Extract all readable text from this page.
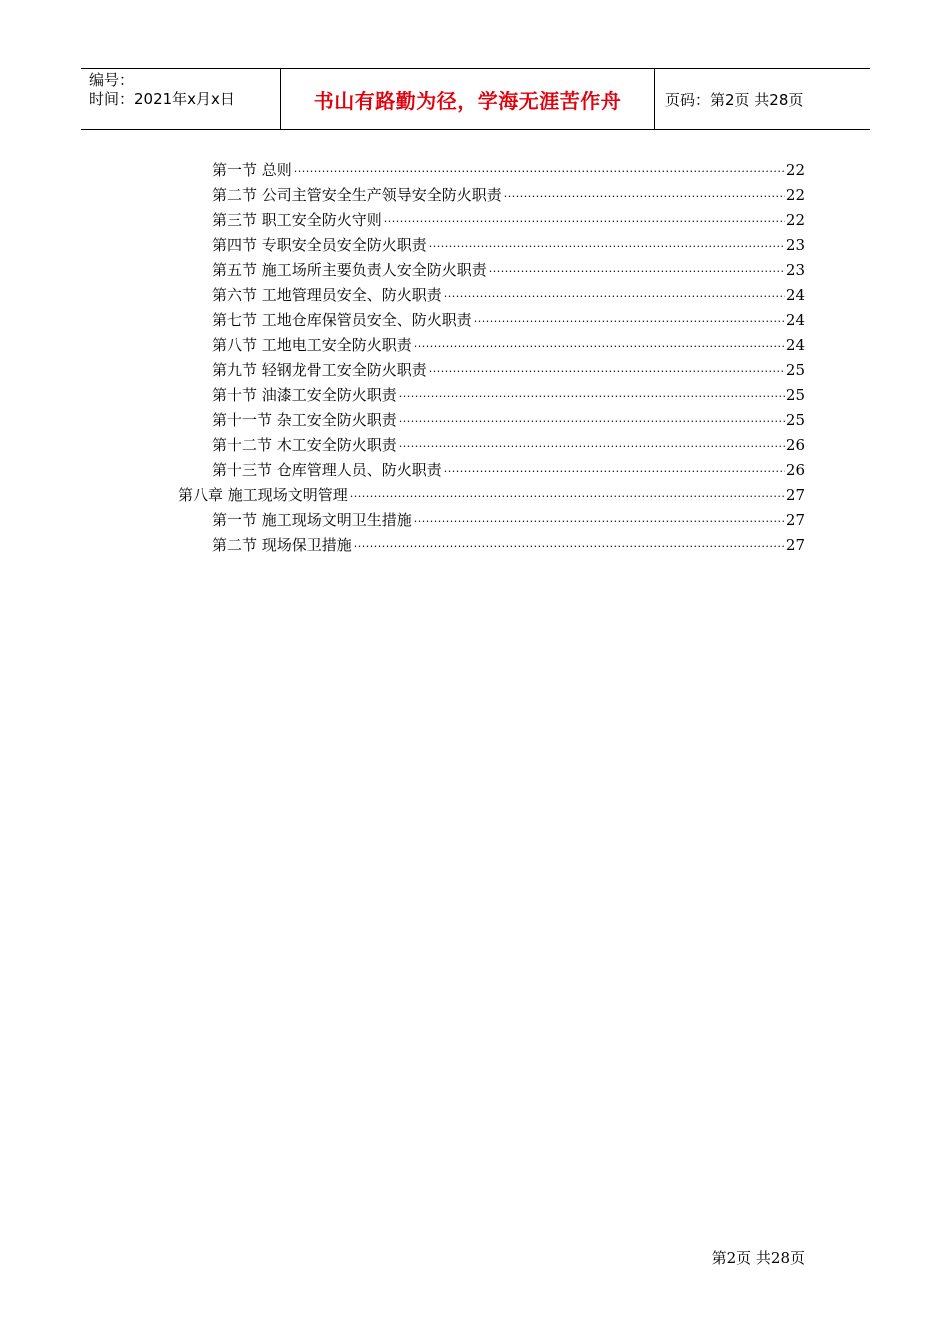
编号：
时间：2021年x月x日	书山有路勤为径，学海无涯苦作舟	页码：第2页 共28页
第一节 总则 .....	22
第二节 公司主管安全生产领导安全防火职责 .....	22
第三节 职工安全防火守则 .....	22
第四节 专职安全员安全防火职责 .....	23
第五节 施工场所主要负责人安全防火职责 .....	23
第六节 工地管理员安全、防火职责 .....	24
第七节 工地仓库保管员安全、防火职责 .....	24
第八节 工地电工安全防火职责 .....	24
第九节 轻钢龙骨工安全防火职责 .....	25
第十节 油漆工安全防火职责 .....	25
第十一节 杂工安全防火职责 .....	25
第十二节 木工安全防火职责 .....	26
第十三节 仓库管理人员、防火职责 .....	26
第八章 施工现场文明管理 .....	27
第一节 施工现场文明卫生措施 .....	27
第二节 现场保卫措施 .....	27
第2页 共28页
